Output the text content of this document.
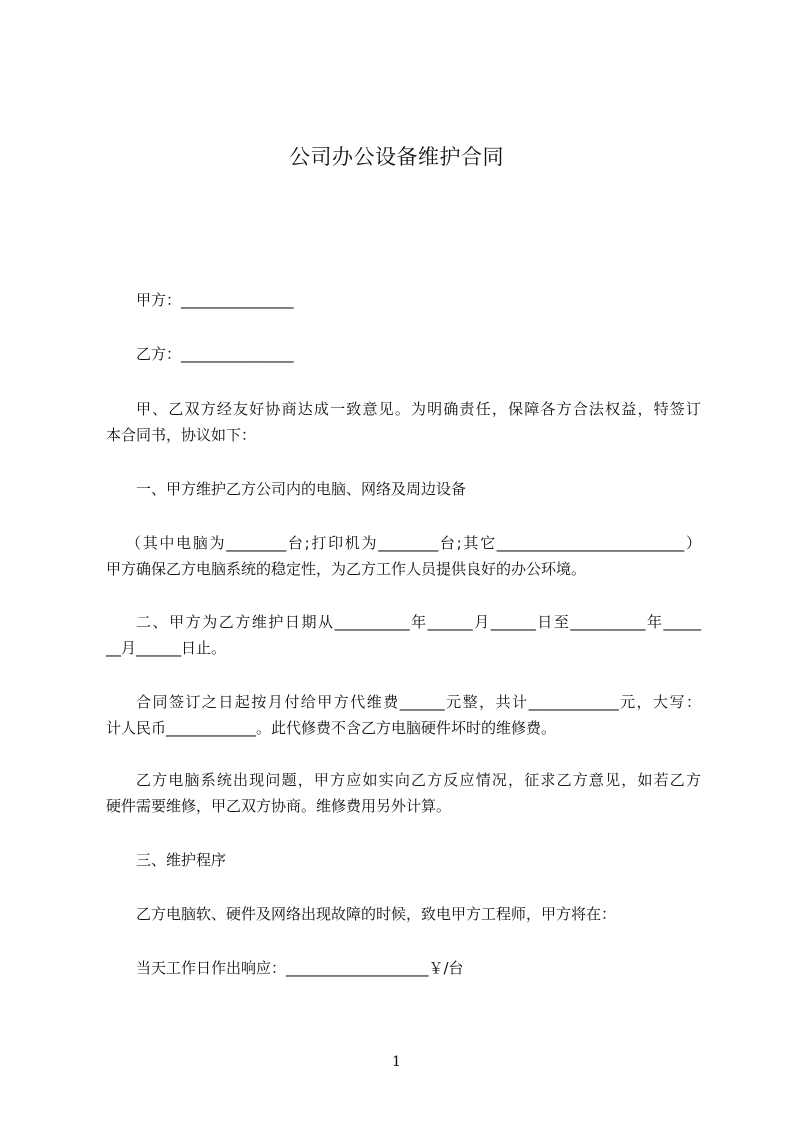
公司办公设备维护合同
甲方：_______________
乙方：_______________
甲、乙双方经友好协商达成一致意见。为明确责任，保障各方合法权益，特签订
本合同书，协议如下：
一、甲方维护乙方公司内的电脑、网络及周边设备
（其中电脑为________台;打印机为________台;其它_________________________）
甲方确保乙方电脑系统的稳定性，为乙方工作人员提供良好的办公环境。
二、甲方为乙方维护日期从__________年______月______日至__________年_____
__月______日止。
合同签订之日起按月付给甲方代维费______元整，共计____________元，大写：
计人民币____________。此代修费不含乙方电脑硬件坏时的维修费。
乙方电脑系统出现问题，甲方应如实向乙方反应情况，征求乙方意见，如若乙方
硬件需要维修，甲乙双方协商。维修费用另外计算。
三、维护程序
乙方电脑软、硬件及网络出现故障的时候，致电甲方工程师，甲方将在：
当天工作日作出响应：___________________￥/台
1
